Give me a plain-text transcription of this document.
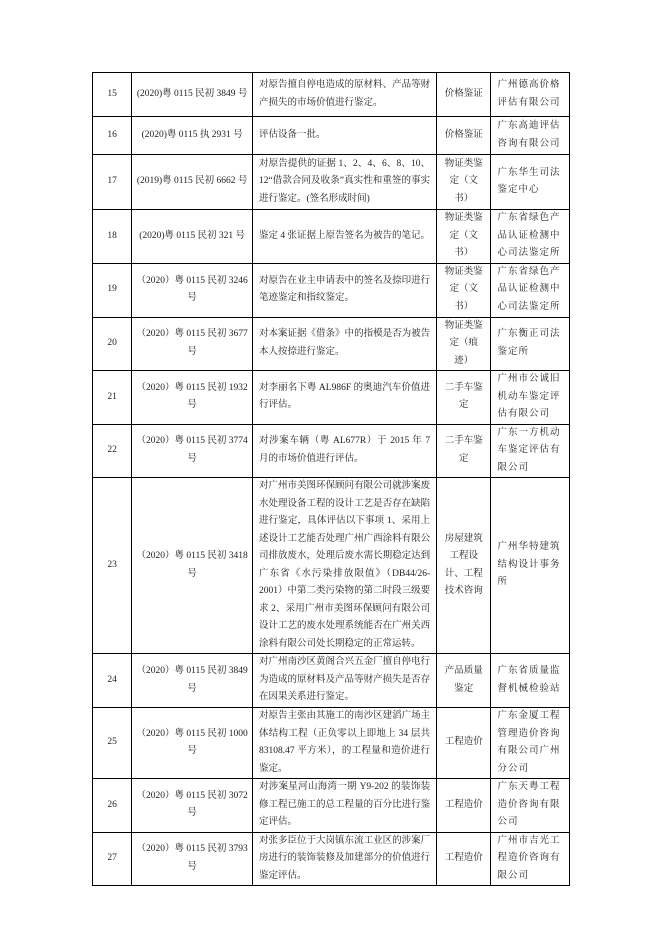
15	(2020)粤 0115 民初 3849 号	对原告擅自停电造成的原材料、产品等财产损失的市场价值进行鉴定。	价格鉴证	广州德高价格评估有限公司
16	(2020)粤 0115 执 2931 号	评估设备一批。	价格鉴证	广东高迪评估咨询有限公司
17	(2019)粤 0115 民初 6662 号	对原告提供的证据 1、2、4、6、8、10、12“借款合同及收条”真实性和重签的事实进行鉴定。(签名形成时间)	物证类鉴定（文书）	广东华生司法鉴定中心
18	(2020)粤 0115 民初 321 号	鉴定 4 张证据上原告签名为被告的笔记。	物证类鉴定（文书）	广东省绿色产品认证检测中心司法鉴定所
19	（2020）粤 0115 民初 3246 号	对原告在业主申请表中的签名及捺印进行笔迹鉴定和指纹鉴定。	物证类鉴定（文书）	广东省绿色产品认证检测中心司法鉴定所
20	（2020）粤 0115 民初 3677 号	对本案证据《借条》中的指模是否为被告本人按捺进行鉴定。	物证类鉴定（痕迹）	广东衡正司法鉴定所
21	（2020）粤 0115 民初 1932 号	对李丽名下粤 AL986F 的奥迪汽车价值进行评估。	二手车鉴定	广州市公诚旧机动车鉴定评估有限公司
22	（2020）粤 0115 民初 3774 号	对涉案车辆（粤 AL677R）于 2015 年 7 月的市场价值进行评估。	二手车鉴定	广东一方机动车鉴定评估有限公司
23	（2020）粤 0115 民初 3418 号	对广州市美图环保顾问有限公司就涉案废水处理设备工程的设计工艺是否存在缺陷进行鉴定，具体评估以下事项 1、采用上述设计工艺能否处理广州广西涂料有限公司排放废水，处理后废水需长期稳定达到广东省《水污染排放限值》（DB44/26-2001）中第二类污染物的第二时段三级要求 2、采用广州市美图环保顾问有限公司设计工艺的废水处理系统能否在广州关西涂料有限公司处长期稳定的正常运转。	房屋建筑工程设计、工程技术咨询	广州华特建筑结构设计事务所
24	（2020）粤 0115 民初 3849 号	对广州南沙区黄阁合兴五金厂擅自停电行为造成的原材料及产品等财产损失是否存在因果关系进行鉴定。	产品质量鉴定	广东省质量监督机械检验站
25	（2020）粤 0115 民初 1000 号	对原告主张由其施工的南沙区建滔广场主体结构工程（正负零以上即地上 34 层共 83108.47 平方米），的工程量和造价进行鉴定。	工程造价	广东金厦工程管理造价咨询有限公司广州分公司
26	（2020）粤 0115 民初 3072 号	对涉案星河山海湾一期 Y9-202 的装饰装修工程已施工的总工程量的百分比进行鉴定评估。	工程造价	广东天粤工程造价咨询有限公司
27	（2020）粤 0115 民初 3793 号	对张多臣位于大岗镇东流工业区的涉案厂房进行的装饰装修及加建部分的价值进行鉴定评估。	工程造价	广州市吉光工程造价咨询有限公司
